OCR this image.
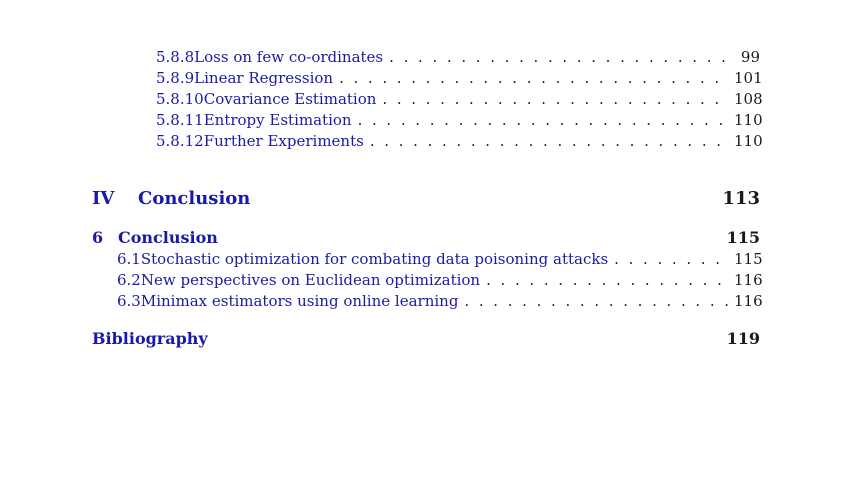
5.8.8 Loss on few co-ordinates . . .	99
5.8.9 Linear Regression . . .	101
5.8.10 Covariance Estimation . . .	108
5.8.11 Entropy Estimation . . .	110
5.8.12 Further Experiments . . .	110
IV	Conclusion	113
6 Conclusion	115
6.1 Stochastic optimization for combating data poisoning attacks . . .	115
6.2 New perspectives on Euclidean optimization . . .	116
6.3 Minimax estimators using online learning . . .	116
Bibliography	119
